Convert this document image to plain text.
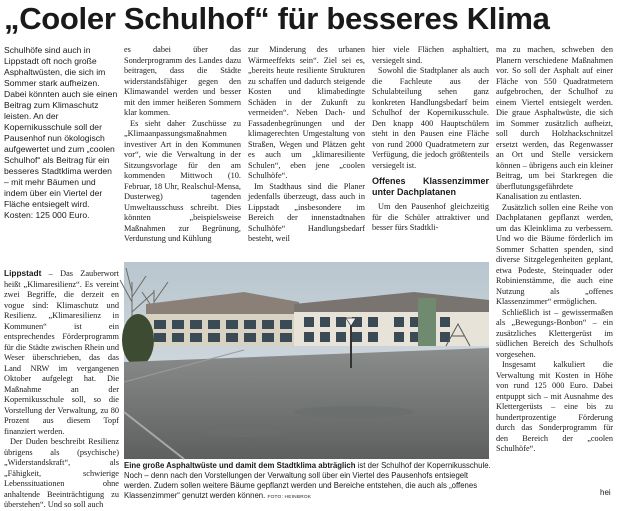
„Cooler Schulhof“ für besseres Klima
Schulhöfe sind auch in Lippstadt oft noch große Asphaltwüsten, die sich im Sommer stark aufheizen. Dabei könnten auch sie einen Beitrag zum Klimaschutz leisten. An der Kopernikusschule soll der Pausenhof nun ökologisch aufgewertet und zum „coolen Schulhof“ als Beitrag für ein besseres Stadtklima werden – mit mehr Bäumen und indem über ein Viertel der Fläche entsiegelt wird. Kosten: 125 000 Euro.

es dabei über das Sonderprogramm des Landes dazu beitragen, dass die Städte widerstandsfähiger gegen den Klimawandel werden und besser mit den immer heißeren Sommern klar kommen.

Es sieht daher Zuschüsse zu „Klimaanpassungsmaßnahmen investiver Art in den Kommunen vor“, wie die Verwaltung in der Sitzungsvorlage für den am kommenden Mittwoch (10. Februar, 18 Uhr, Realschul-Mensa, Dusterweg) tagenden Umweltausschuss schreibt. Dies könnten „beispielsweise Maßnahmen zur Begrünung, Verdunstung und Kühlung

zur Minderung des urbanen Wärmeeffekts sein“. Ziel sei es, „bereits heute resiliente Strukturen zu schaffen und dadurch steigende Kosten und klimabedingte Schäden in der Zukunft zu vermeiden“. Neben Dach- und Fassadenbegrünungen und der klimagerechten Umgestaltung von Straßen, Wegen und Plätzen geht es auch um „klimaresiliente Schulen“, eben jene „coolen Schulhöfe“.

Im Stadthaus sind die Planer jedenfalls überzeugt, dass auch in Lippstadt „insbesondere im Bereich der innenstadtnahen Schulhöfe“ Handlungsbedarf besteht, weil

hier viele Flächen asphaltiert, versiegelt sind.

Sowohl die Stadtplaner als auch die Fachleute aus der Schulabteilung sehen ganz konkreten Handlungsbedarf beim Schulhof der Kopernikusschule. Den knapp 400 Hauptschülern steht in den Pausen eine Fläche von rund 2000 Quadratmetern zur Verfügung, die jedoch größtenteils versiegelt ist.

Offenes Klassenzimmer unter Dachplatanen

Um den Pausenhof gleichzeitig für die Schüler attraktiver und besser fürs Stadtkli-

Lippstadt – Das Zauberwort heißt „Klimaresilienz“. Es vereint zwei Begriffe, die derzeit en vogue sind: Klimaschutz und Resilienz. „Klimaresilienz in Kommunen“ ist ein entsprechendes Förderprogramm für die Städte zwischen Rhein und Weser überschrieben, das das Land NRW im vergangenen Oktober aufgelegt hat. Die Maßnahme an der Kopernikusschule soll, so die Vorstellung der Verwaltung, zu 80 Prozent aus diesem Topf finanziert werden.

Der Duden beschreibt Resilienz übrigens als (psychische) „Widerstandskraft“, als „Fähigkeit, schwierige Lebenssituationen ohne anhaltende Beeinträchtigung zu überstehen“. Und so soll auch

ma zu machen, schweben den Planern verschiedene Maßnahmen vor. So soll der Asphalt auf einer Fläche von 550 Quadratmetern aufgebrochen, der Schulhof zu einem Viertel entsiegelt werden. Die graue Asphaltwüste, die sich im Sommer zusätzlich aufheizt, soll durch Holzhackschnitzel ersetzt werden, das Regenwasser an Ort und Stelle versickern können – übrigens auch ein kleiner Beitrag, um bei Starkregen die überflutungsgefährdete Kanalisation zu entlasten.

Zusätzlich sollen eine Reihe von Dachplatanen gepflanzt werden, um das Kleinklima zu verbessern. Und wo die Bäume förderlich im Sommer Schatten spenden, sind diverse Sitzgelegenheiten geplant, etwa Podeste, Steinquader oder Robinienstämme, die auch eine Nutzung als „offenes Klassenzimmer“ ermöglichen.

Schließlich ist – gewissermaßen als „Bewegungs-Bonbon“ – ein zusätzliches Klettergerüst im südlichen Bereich des Schulhofs vorgesehen.

Insgesamt kalkuliert die Verwaltung mit Kosten in Höhe von rund 125 000 Euro. Dabei entpuppt sich – mit Ausnahme des Klettergerüsts – eine bis zu hundertprozentige Förderung durch das Sonderprogramm für den Bereich der „coolen Schulhöfe“.

Eine große Asphaltwüste und damit dem Stadtklima abträglich ist der Schulhof der Kopernikusschule. Noch – denn nach den Vorstellungen der Verwaltung soll über ein Viertel des Pausenhofs entsiegelt werden. Zudem sollen weitere Bäume gepflanzt werden und Bereiche entstehen, die auch als „offenes Klassenzimmer“ genutzt werden können. FOTO: HEINBROK
hei
